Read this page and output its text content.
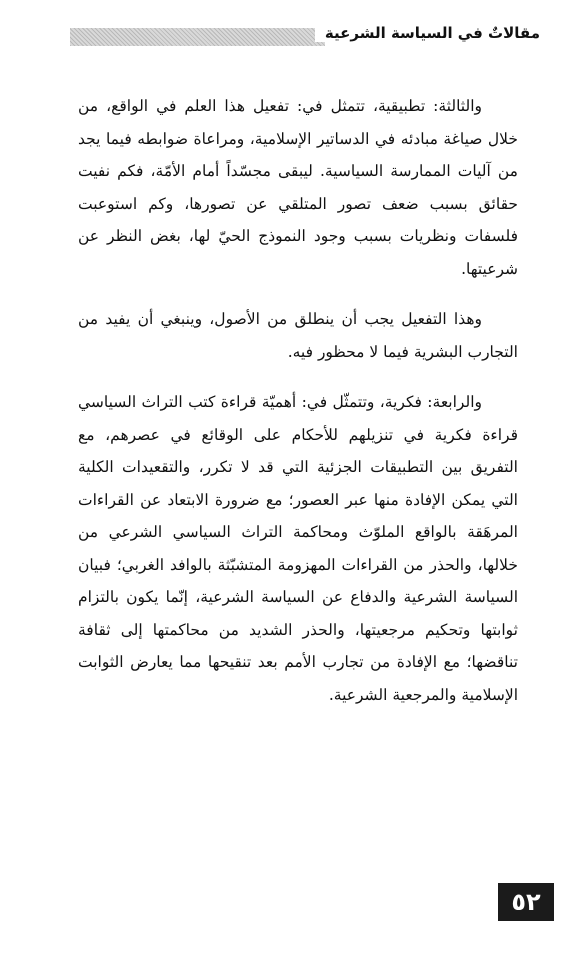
مقالاتٌ في السياسة الشرعية

والثالثة: تطبيقية، تتمثل في: تفعيل هذا العلم في الواقع، من خلال صياغة مبادئه في الدساتير الإسلامية، ومراعاة ضوابطه فيما يجد من آليات الممارسة السياسية. ليبقى مجسّداً أمام الأمّة، فكم نفيت حقائق بسبب ضعف تصور المتلقي عن تصورها، وكم استوعبت فلسفات ونظريات بسبب وجود النموذج الحيّ لها، بغض النظر عن شرعيتها.

وهذا التفعيل يجب أن ينطلق من الأصول، وينبغي أن يفيد من التجارب البشرية فيما لا محظور فيه.

والرابعة: فكرية، وتتمثّل في: أهميّة قراءة كتب التراث السياسي قراءة فكرية في تنزيلهم للأحكام على الوقائع في عصرهم، مع التفريق بين التطبيقات الجزئية التي قد لا تكرر، والتقعيدات الكلية التي يمكن الإفادة منها عبر العصور؛ مع ضرورة الابتعاد عن القراءات المرهَقة بالواقع الملوّث ومحاكمة التراث السياسي الشرعي من خلالها، والحذر من القراءات المهزومة المتشبّثة بالوافد الغربي؛ فبيان السياسة الشرعية والدفاع عن السياسة الشرعية، إنّما يكون بالتزام ثوابتها وتحكيم مرجعيتها، والحذر الشديد من محاكمتها إلى ثقافة تناقضها؛ مع الإفادة من تجارب الأمم بعد تنقيحها مما يعارض الثوابت الإسلامية والمرجعية الشرعية.

٥٢
